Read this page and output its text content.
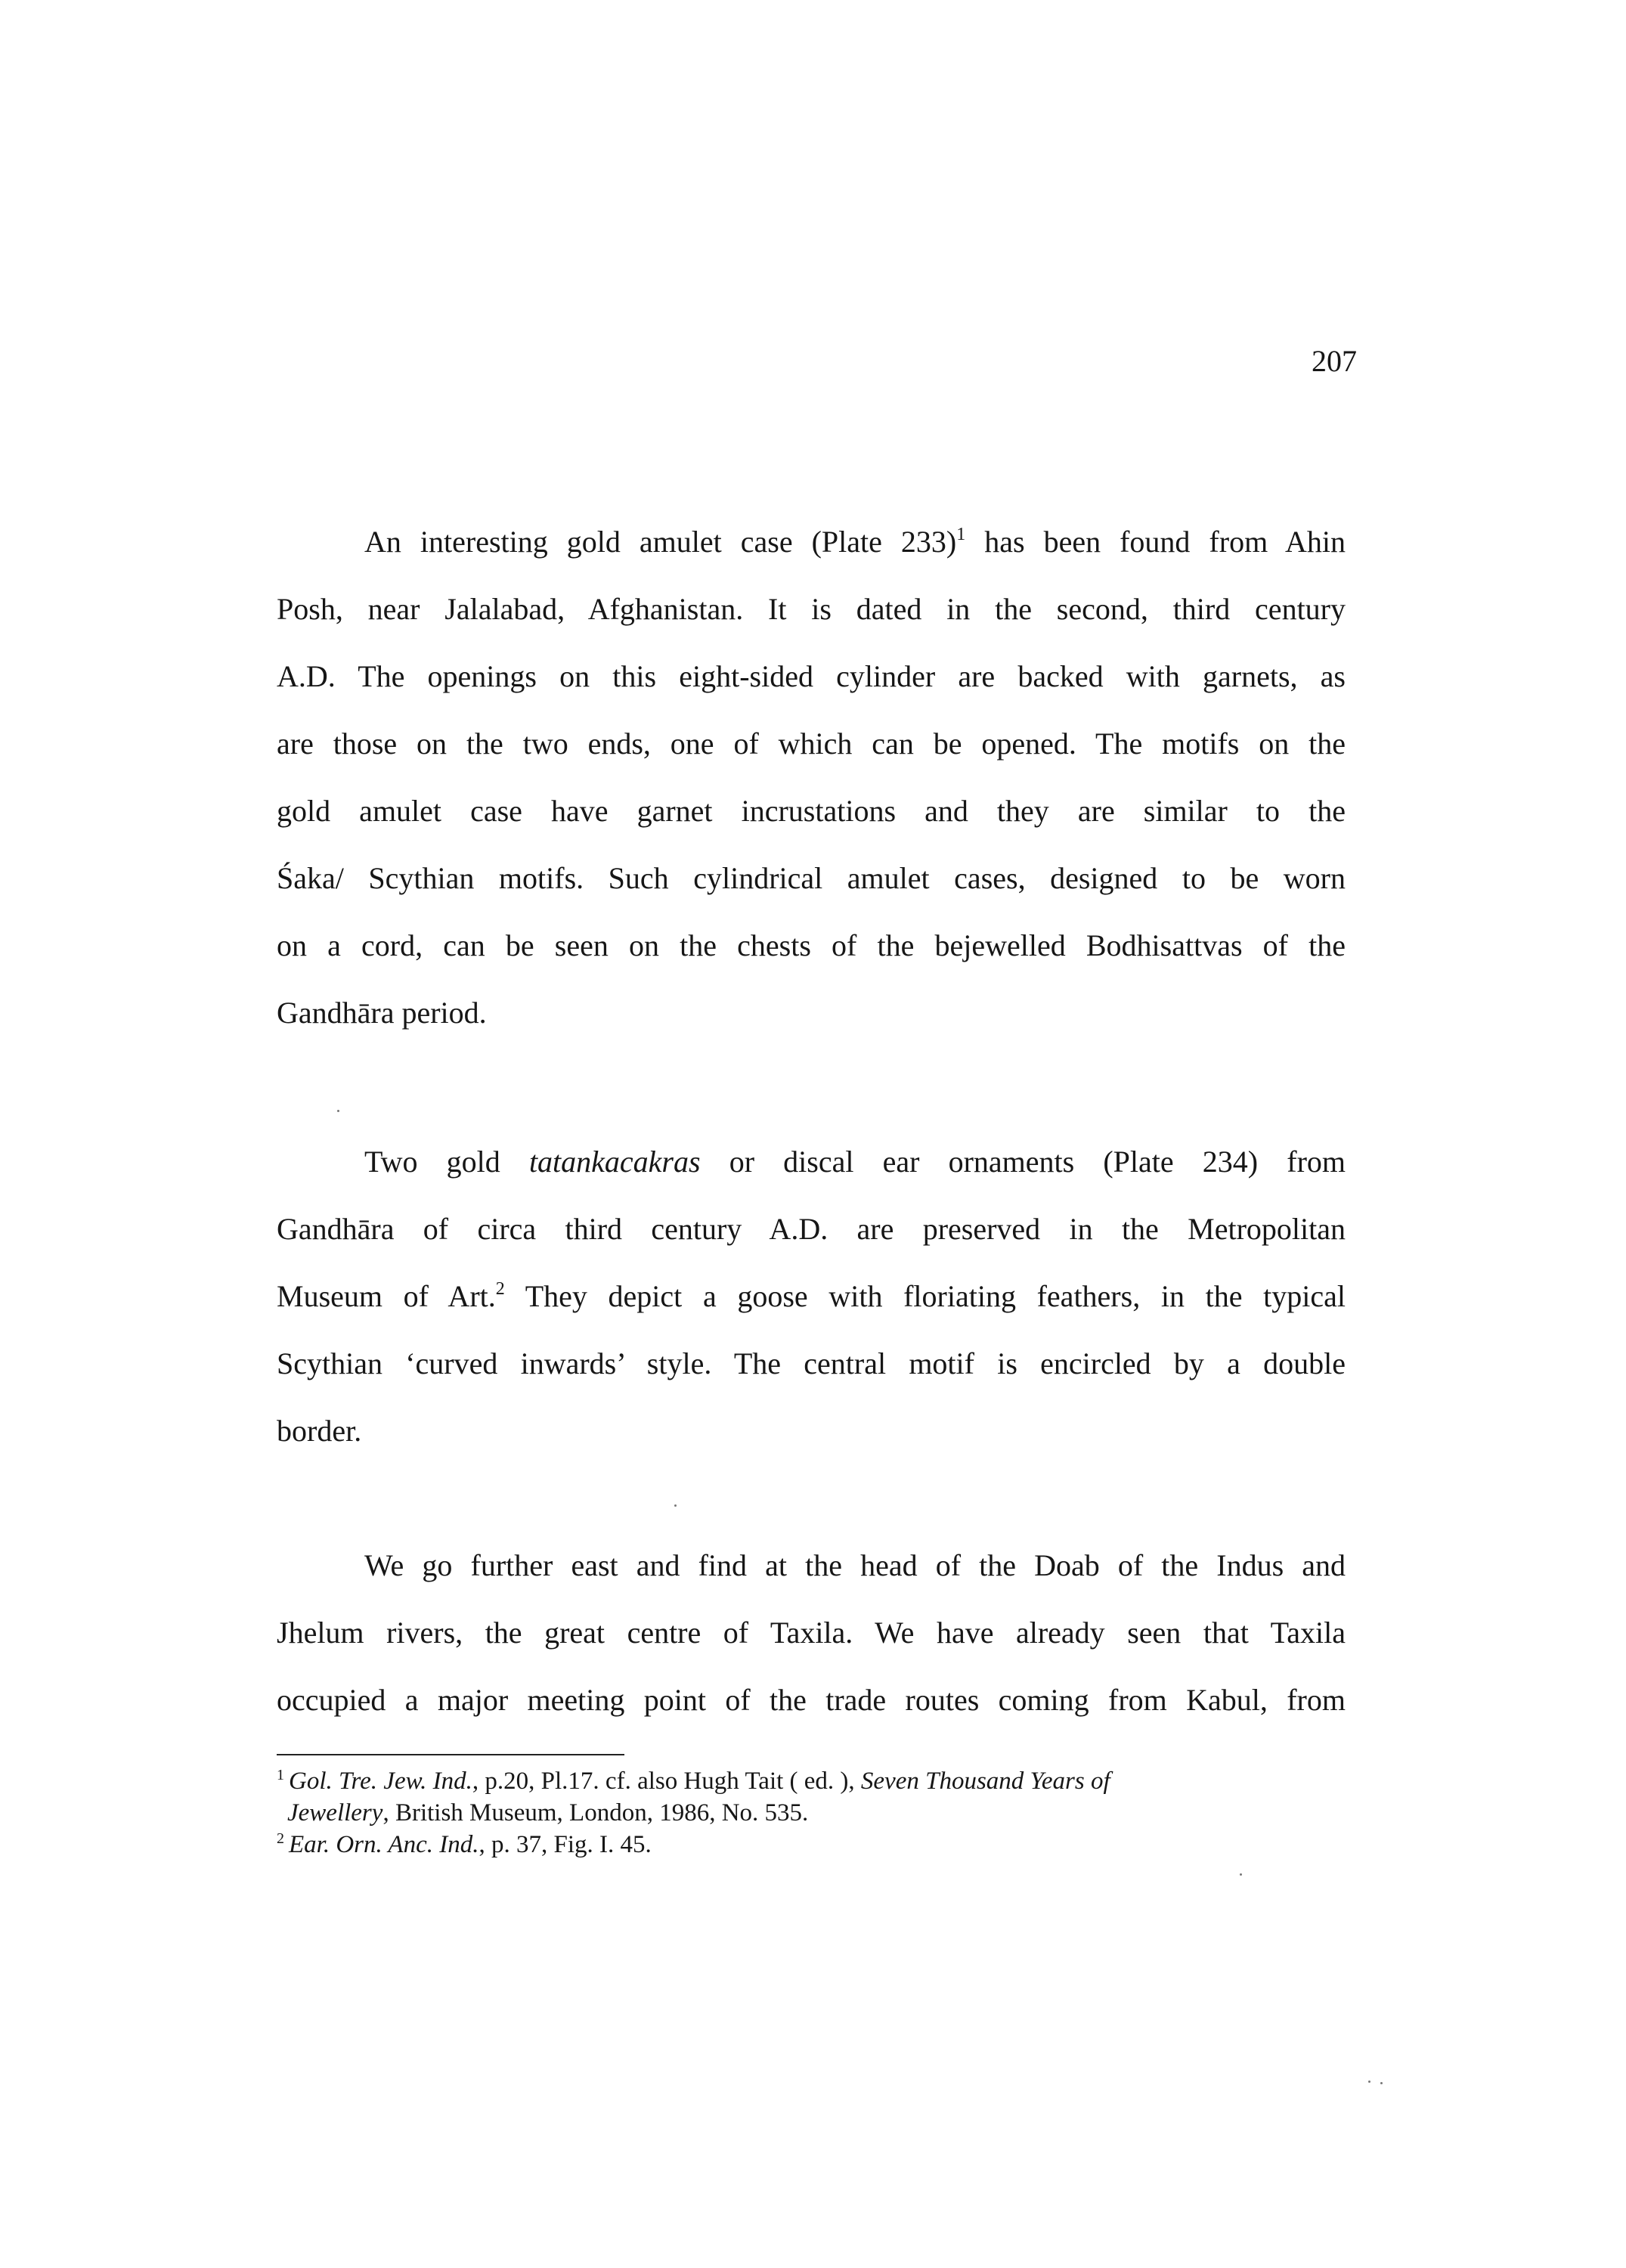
207
An interesting gold amulet case (Plate 233)$^1$ has been found from Ahin
Posh, near Jalalabad, Afghanistan. It is dated in the second, third century
A.D. The openings on this eight-sided cylinder are backed with garnets, as
are those on the two ends, one of which can be opened. The motifs on the
gold amulet case have garnet incrustations and they are similar to the
Śaka/ Scythian motifs. Such cylindrical amulet cases, designed to be worn
on a cord, can be seen on the chests of the bejewelled Bodhisattvas of the
Gandhāra period.
Two gold tatankacakras or discal ear ornaments (Plate 234) from
Gandhāra of circa third century A.D. are preserved in the Metropolitan
Museum of Art.$^2$ They depict a goose with floriating feathers, in the typical
Scythian ‘curved inwards’ style. The central motif is encircled by a double
border.
We go further east and find at the head of the Doab of the Indus and
Jhelum rivers, the great centre of Taxila. We have already seen that Taxila
occupied a major meeting point of the trade routes coming from Kabul, from
$^1$ Gol. Tre. Jew. Ind., p.20, Pl.17. cf. also Hugh Tait ( ed. ), Seven Thousand Years of
Jewellery, British Museum, London, 1986, No. 535.
$^2$ Ear. Orn. Anc. Ind., p. 37, Fig. I. 45.
